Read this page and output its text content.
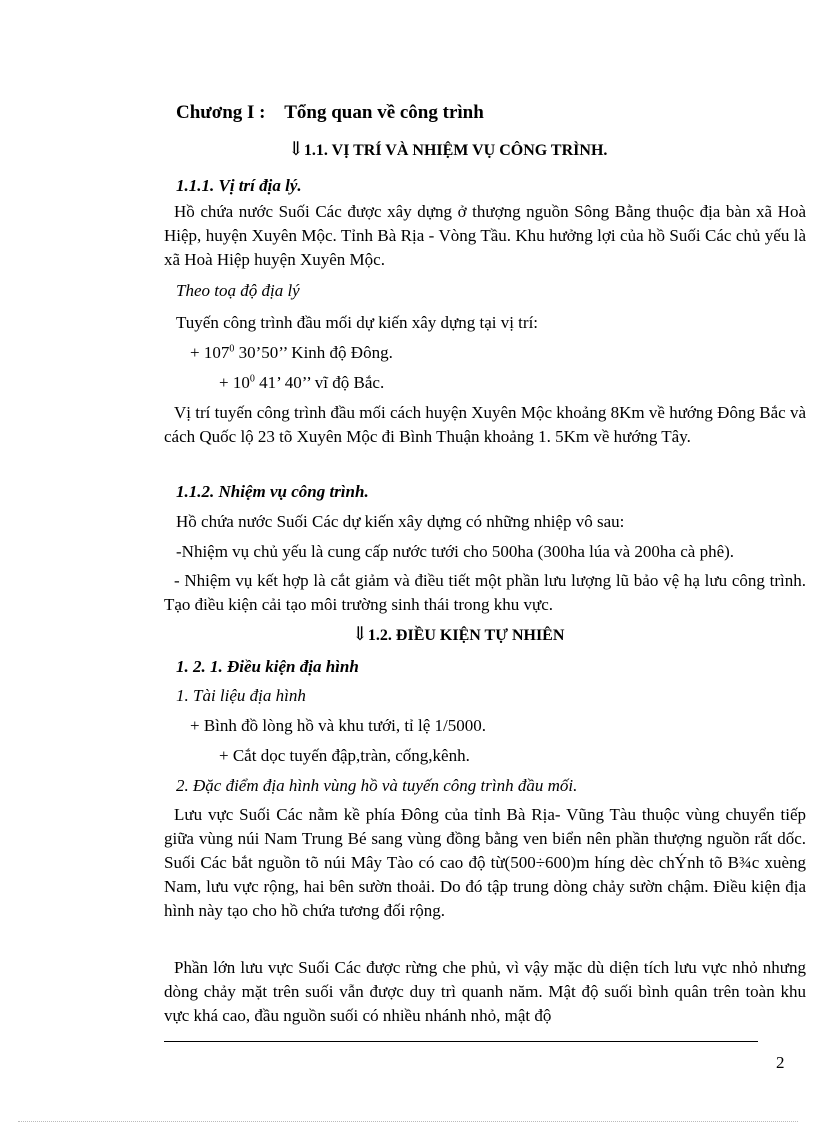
Chương I : Tổng quan về công trình
⇓1.1. VỊ TRÍ VÀ NHIỆM VỤ CÔNG TRÌNH.
1.1.1. Vị trí địa lý.
Hồ chứa nước Suối Các được xây dựng ở thượng nguồn Sông Bằng thuộc địa bàn xã Hoà Hiệp, huyện Xuyên Mộc. Tỉnh Bà Rịa - Vòng Tầu. Khu hưởng lợi của hồ Suối Các chủ yếu là xã Hoà Hiệp huyện Xuyên Mộc.
Theo toạ độ địa lý
Tuyến công trình đầu mối dự kiến xây dựng tại vị trí:
+ $107^0$ 30’50’’ Kinh độ Đông.
+ $10^0$ 41’ 40’’ vĩ độ Bắc.
Vị trí tuyến công trình đầu mối cách huyện Xuyên Mộc khoảng 8Km về hướng Đông Bắc và cách Quốc lộ 23 tõ Xuyên Mộc đi Bình Thuận khoảng 1. 5Km về hướng Tây.
1.1.2. Nhiệm vụ công trình.
Hồ chứa nước Suối Các dự kiến xây dựng có những nhiệp vô sau:
-Nhiệm vụ chủ yếu là cung cấp nước tưới cho 500ha (300ha lúa và 200ha cà phê).
- Nhiệm vụ kết hợp là cắt giảm và điều tiết một phần lưu lượng lũ bảo vệ hạ lưu công trình. Tạo điều kiện cải tạo môi trường sinh thái trong khu vực.
⇓1.2. ĐIỀU KIỆN TỰ NHIÊN
1. 2. 1. Điều kiện địa hình
1. Tài liệu địa hình
+ Bình đồ lòng hồ và khu tưới, tỉ lệ 1/5000.
+ Cắt dọc tuyến đập,tràn, cống,kênh.
2. Đặc điểm địa hình vùng hồ và tuyến công trình đầu mối.
Lưu vực Suối Các nằm kề phía Đông của tỉnh Bà Rịa- Vũng Tàu thuộc vùng chuyển tiếp giữa vùng núi Nam Trung Bé sang vùng đồng bằng ven biển nên phần thượng nguồn rất dốc. Suối Các bắt nguồn tõ núi Mây Tào có cao độ từ(500÷600)m híng dèc chÝnh tõ B¾c xuèng Nam, lưu vực rộng, hai bên sườn thoải. Do đó tập trung dòng chảy sườn chậm. Điều kiện địa hình này tạo cho hồ chứa tương đối rộng.
Phần lớn lưu vực Suối Các được rừng che phủ, vì vậy mặc dù diện tích lưu vực nhỏ nhưng dòng chảy mặt trên suối vẫn được duy trì quanh năm. Mật độ suối bình quân trên toàn khu vực khá cao, đầu nguồn suối có nhiều nhánh nhỏ, mật độ
2
